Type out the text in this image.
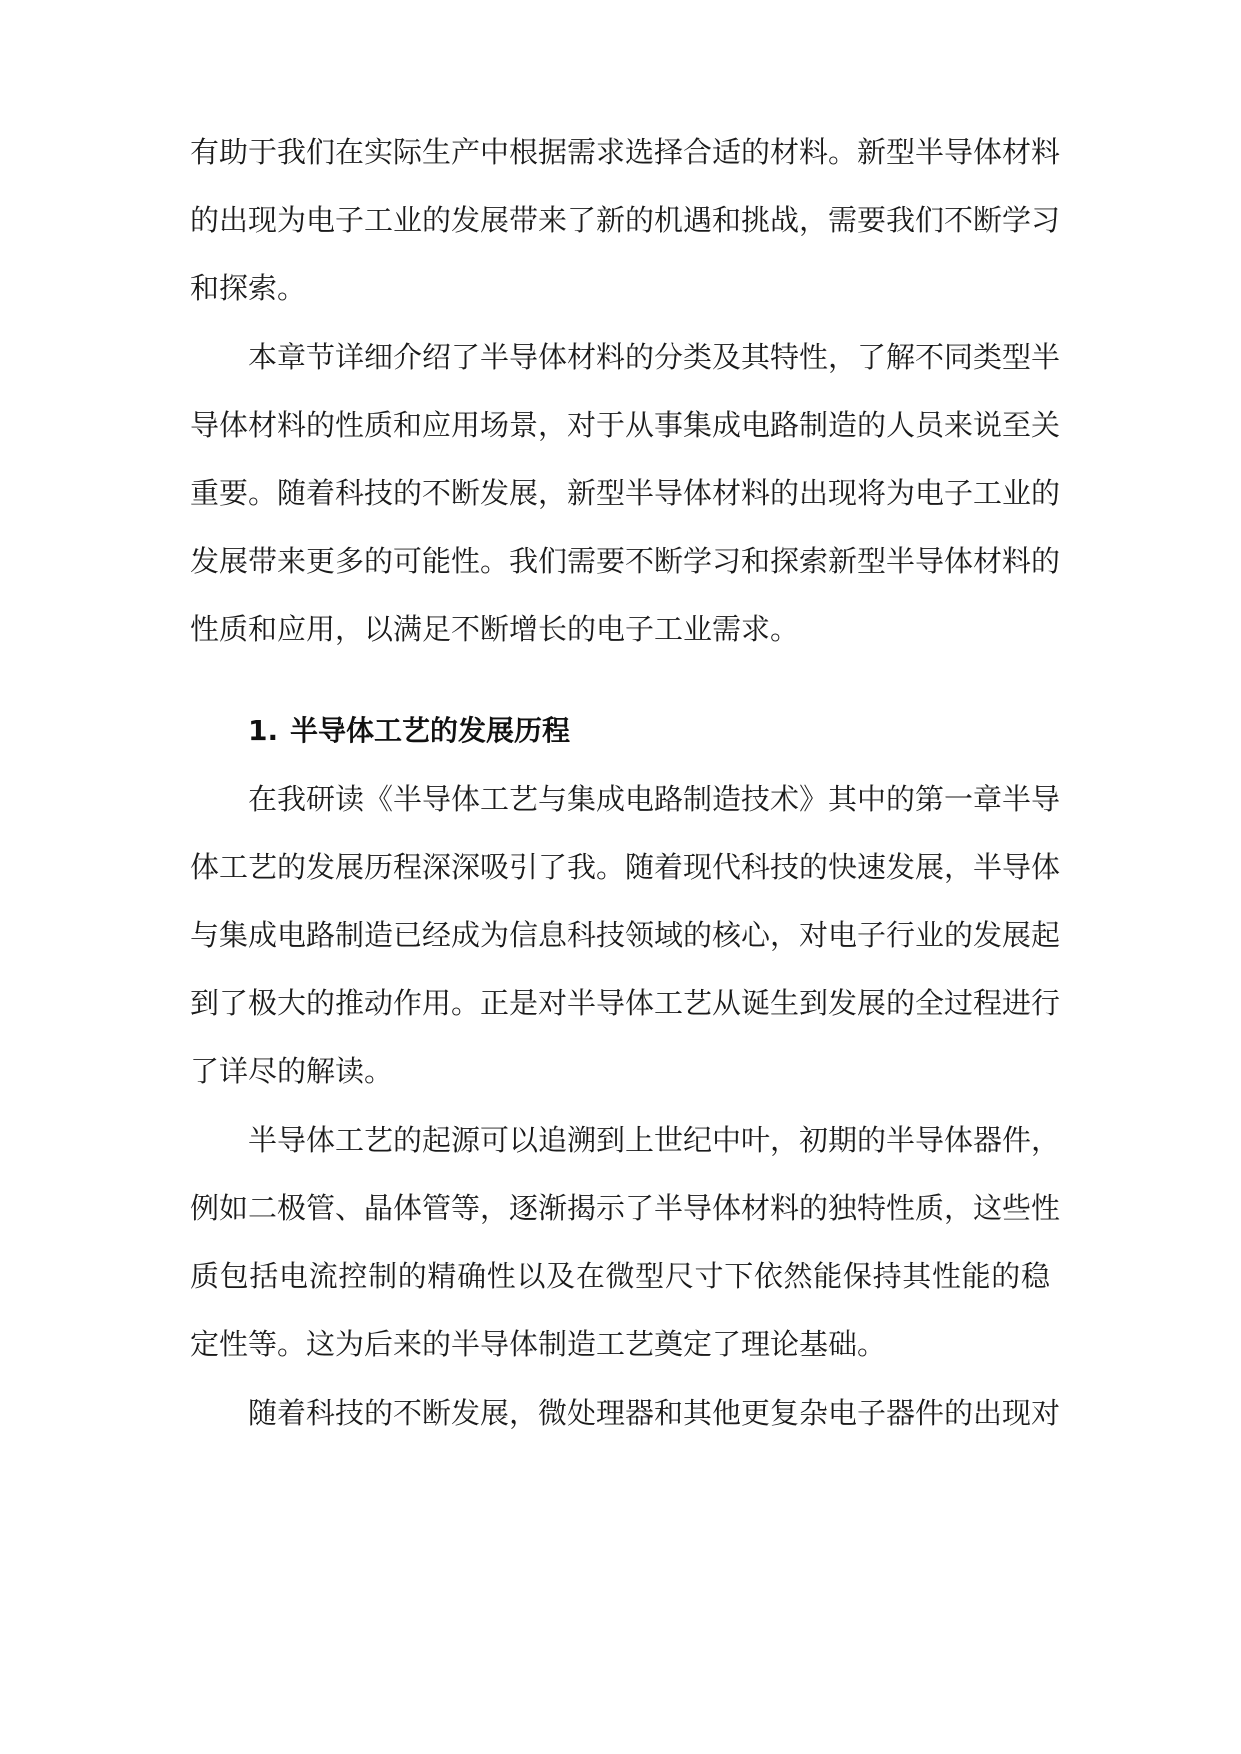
有助于我们在实际生产中根据需求选择合适的材料。新型半导体材料
的出现为电子工业的发展带来了新的机遇和挑战，需要我们不断学习
和探索。
本章节详细介绍了半导体材料的分类及其特性，了解不同类型半
导体材料的性质和应用场景，对于从事集成电路制造的人员来说至关
重要。随着科技的不断发展，新型半导体材料的出现将为电子工业的
发展带来更多的可能性。我们需要不断学习和探索新型半导体材料的
性质和应用，以满足不断增长的电子工业需求。
1. 半导体工艺的发展历程
在我研读《半导体工艺与集成电路制造技术》其中的第一章半导
体工艺的发展历程深深吸引了我。随着现代科技的快速发展，半导体
与集成电路制造已经成为信息科技领域的核心，对电子行业的发展起
到了极大的推动作用。正是对半导体工艺从诞生到发展的全过程进行
了详尽的解读。
半导体工艺的起源可以追溯到上世纪中叶，初期的半导体器件，
例如二极管、晶体管等，逐渐揭示了半导体材料的独特性质，这些性
质包括电流控制的精确性以及在微型尺寸下依然能保持其性能的稳
定性等。这为后来的半导体制造工艺奠定了理论基础。
随着科技的不断发展，微处理器和其他更复杂电子器件的出现对
